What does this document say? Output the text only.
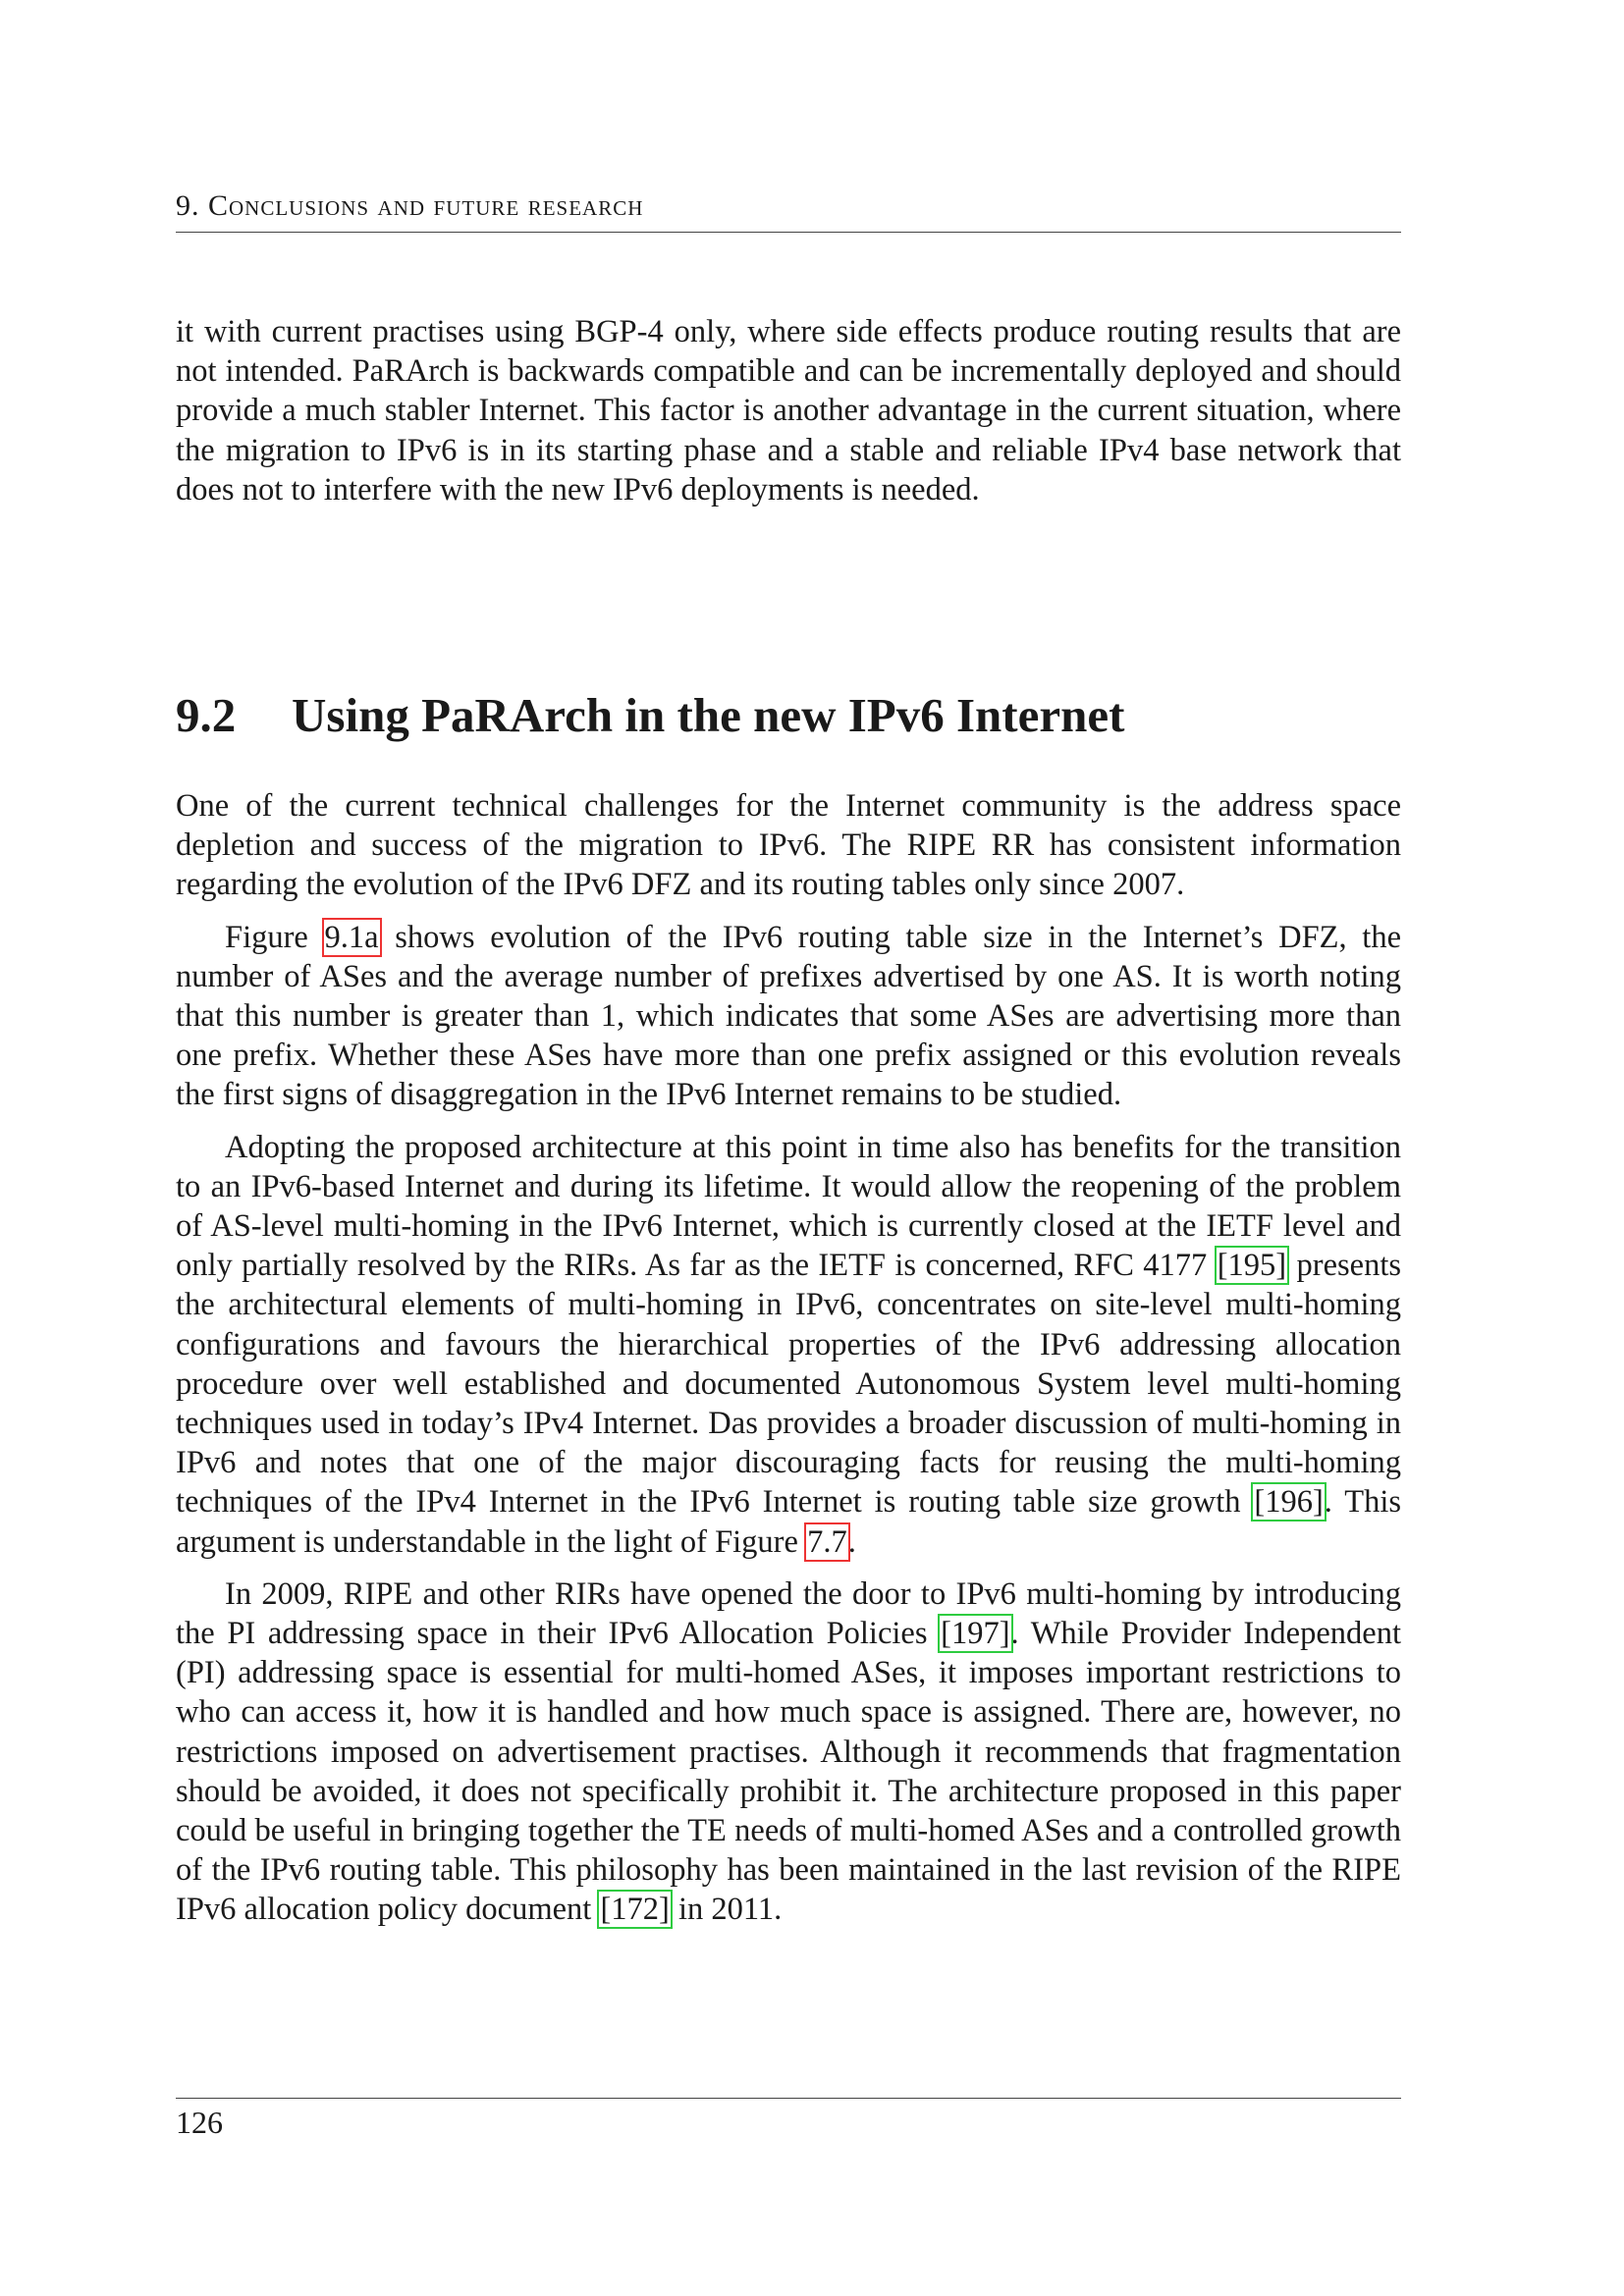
9. Conclusions and future research

it with current practises using BGP-4 only, where side effects produce routing results that are not intended. PaRArch is backwards compatible and can be incrementally deployed and should provide a much stabler Internet. This factor is another advantage in the current situation, where the migration to IPv6 is in its starting phase and a stable and reliable IPv4 base network that does not to interfere with the new IPv6 deployments is needed.

9.2 Using PaRArch in the new IPv6 Internet

One of the current technical challenges for the Internet community is the address space depletion and success of the migration to IPv6. The RIPE RR has consistent information regarding the evolution of the IPv6 DFZ and its routing tables only since 2007.

Figure 9.1a shows evolution of the IPv6 routing table size in the Internet’s DFZ, the number of ASes and the average number of prefixes advertised by one AS. It is worth noting that this number is greater than 1, which indicates that some ASes are advertising more than one prefix. Whether these ASes have more than one prefix assigned or this evolution reveals the first signs of disaggregation in the IPv6 Internet remains to be studied.

Adopting the proposed architecture at this point in time also has benefits for the transition to an IPv6-based Internet and during its lifetime. It would allow the reopening of the problem of AS-level multi-homing in the IPv6 Internet, which is currently closed at the IETF level and only partially resolved by the RIRs. As far as the IETF is concerned, RFC 4177 [195] presents the architectural elements of multi-homing in IPv6, concentrates on site-level multi-homing configurations and favours the hierarchical properties of the IPv6 addressing allocation procedure over well established and documented Autonomous System level multi-homing techniques used in today’s IPv4 Internet. Das provides a broader discussion of multi-homing in IPv6 and notes that one of the major discouraging facts for reusing the multi-homing techniques of the IPv4 Internet in the IPv6 Internet is routing table size growth [196]. This argument is understandable in the light of Figure 7.7.

In 2009, RIPE and other RIRs have opened the door to IPv6 multi-homing by introducing the PI addressing space in their IPv6 Allocation Policies [197]. While Provider Independent (PI) addressing space is essential for multi-homed ASes, it imposes important restrictions to who can access it, how it is handled and how much space is assigned. There are, however, no restrictions imposed on advertisement practises. Although it recommends that fragmentation should be avoided, it does not specifically prohibit it. The architecture proposed in this paper could be useful in bringing together the TE needs of multi-homed ASes and a controlled growth of the IPv6 routing table. This philosophy has been maintained in the last revision of the RIPE IPv6 allocation policy document [172] in 2011.

126
